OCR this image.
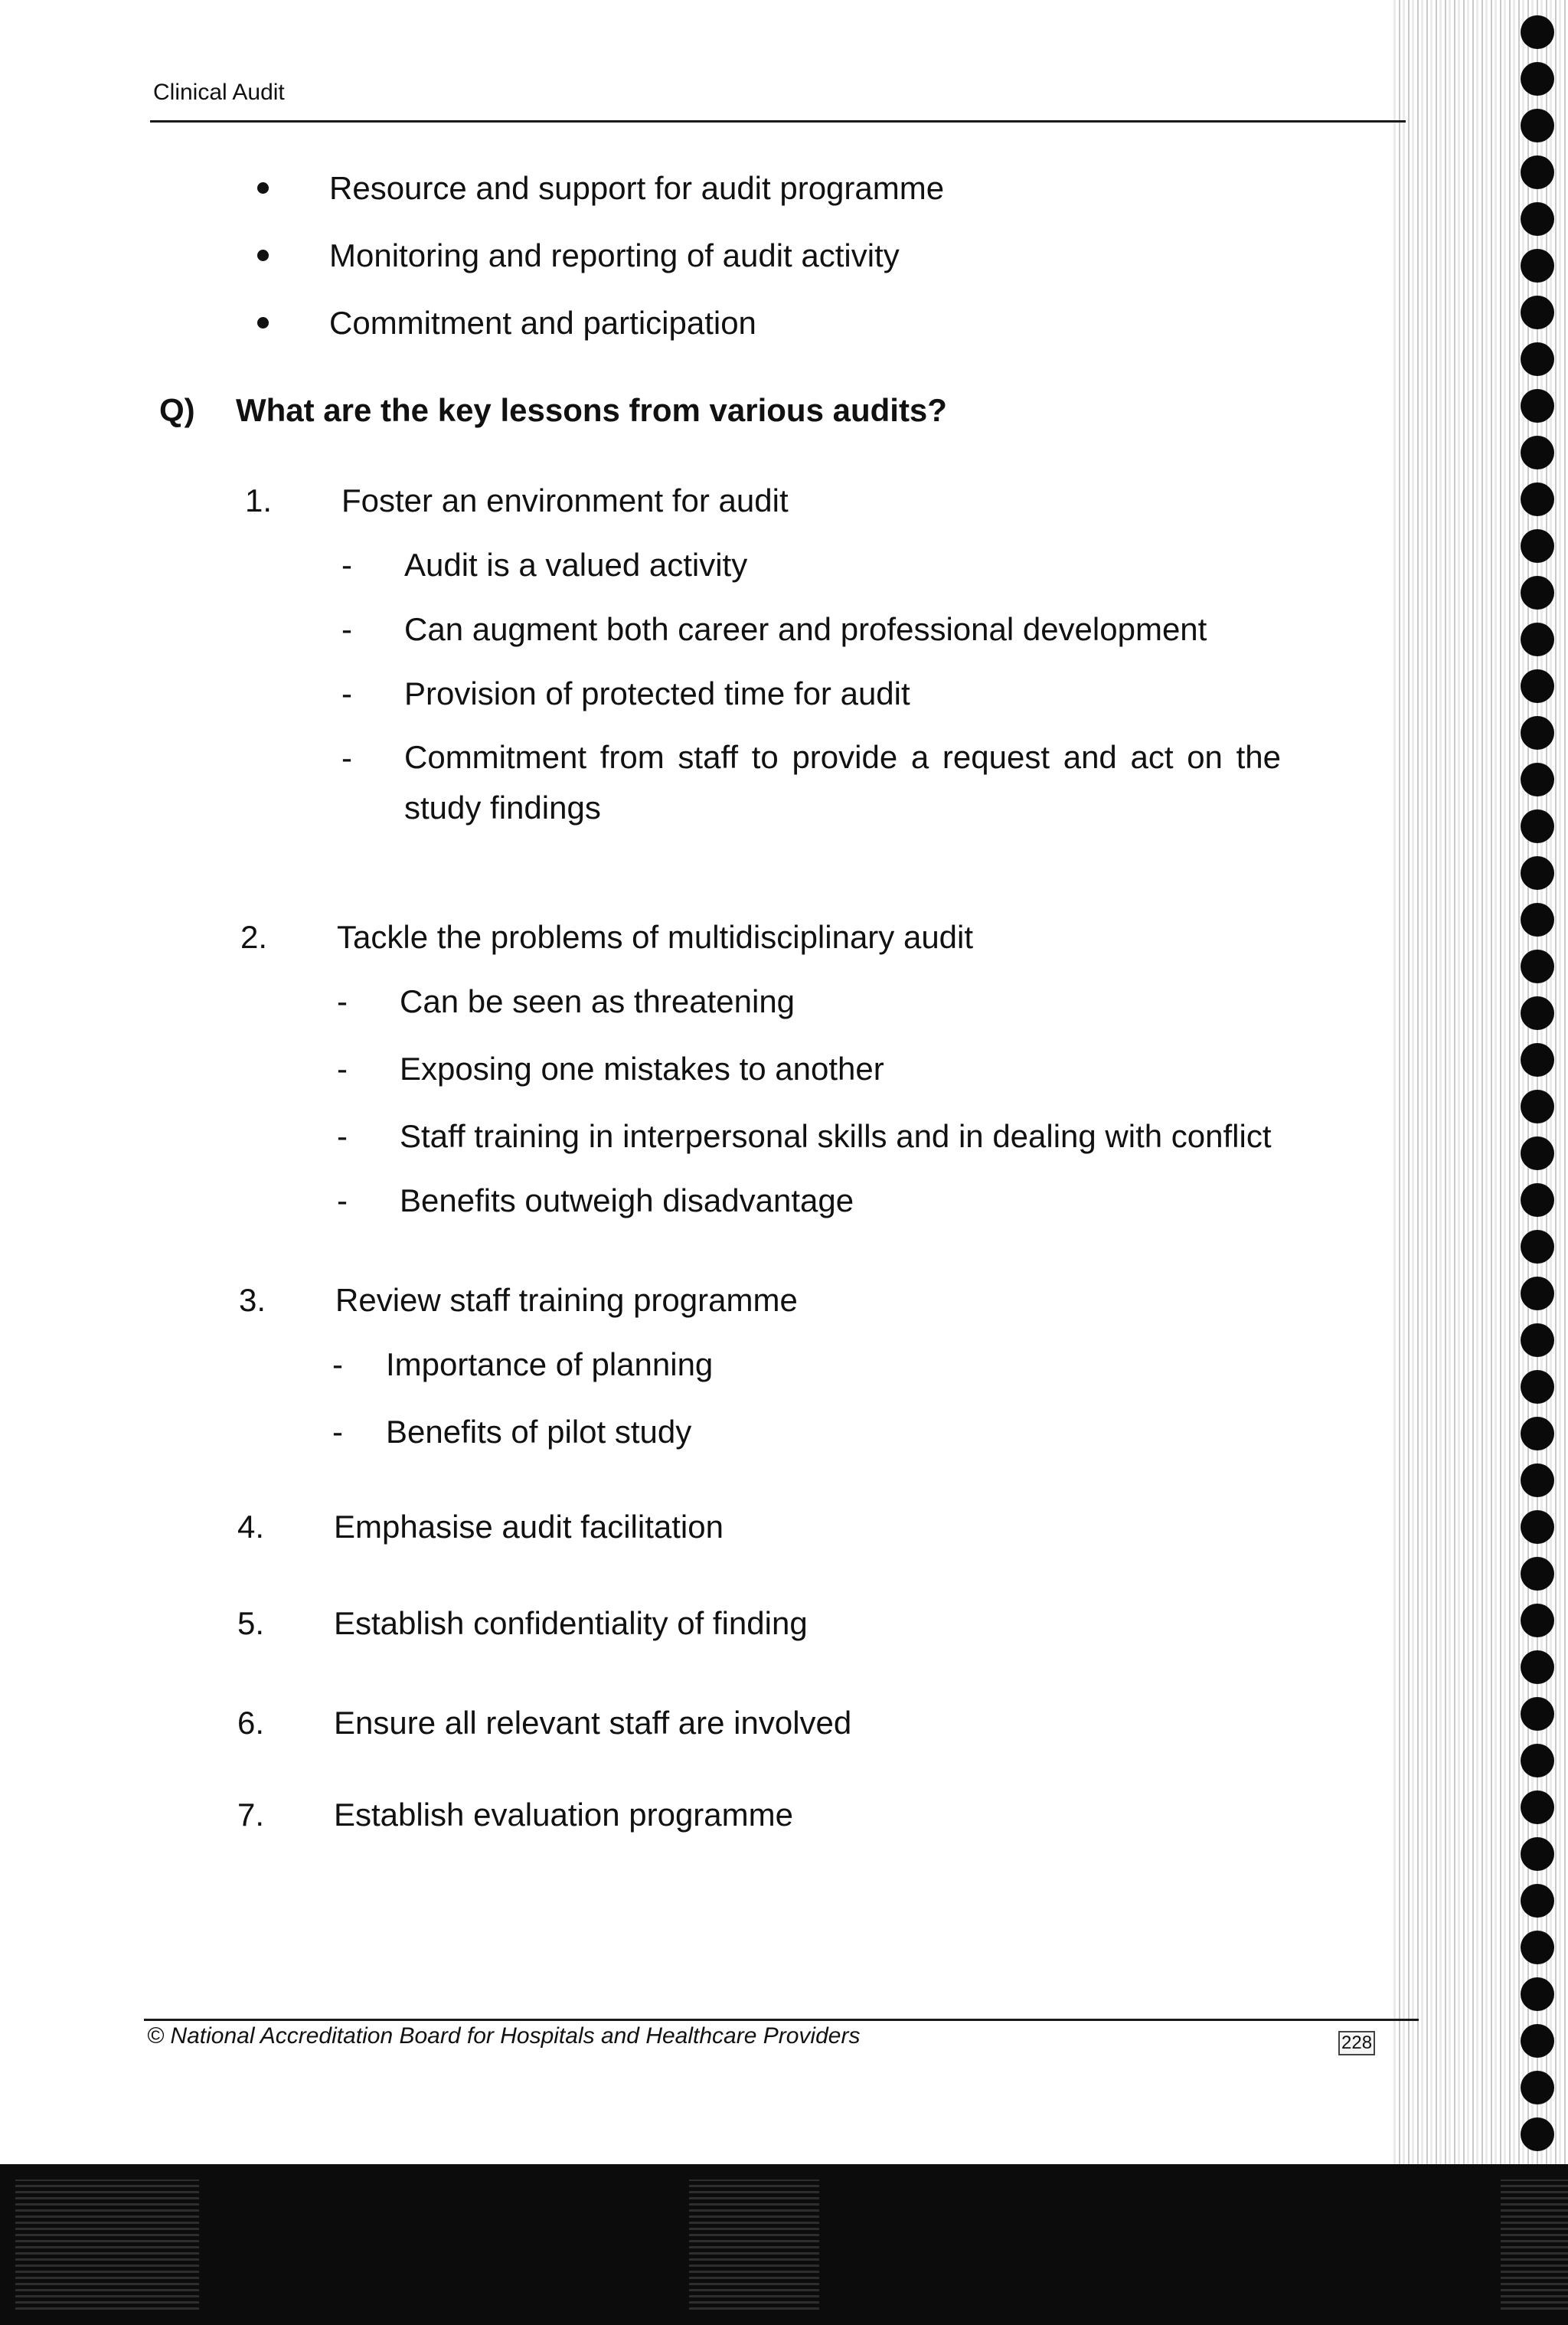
Clinical Audit
Resource and support for audit programme
Monitoring and reporting of audit activity
Commitment and participation
Q) What are the key lessons from various audits?
1. Foster an environment for audit
- Audit is a valued activity
- Can augment both career and professional development
- Provision of protected time for audit
- Commitment from staff to provide a request and act on the study findings
2. Tackle the problems of multidisciplinary audit
- Can be seen as threatening
- Exposing one mistakes to another
- Staff training in interpersonal skills and in dealing with conflict
- Benefits outweigh disadvantage
3. Review staff training programme
- Importance of planning
- Benefits of pilot study
4. Emphasise audit facilitation
5. Establish confidentiality of finding
6. Ensure all relevant staff are involved
7. Establish evaluation programme
© National Accreditation Board for Hospitals and Healthcare Providers	228
